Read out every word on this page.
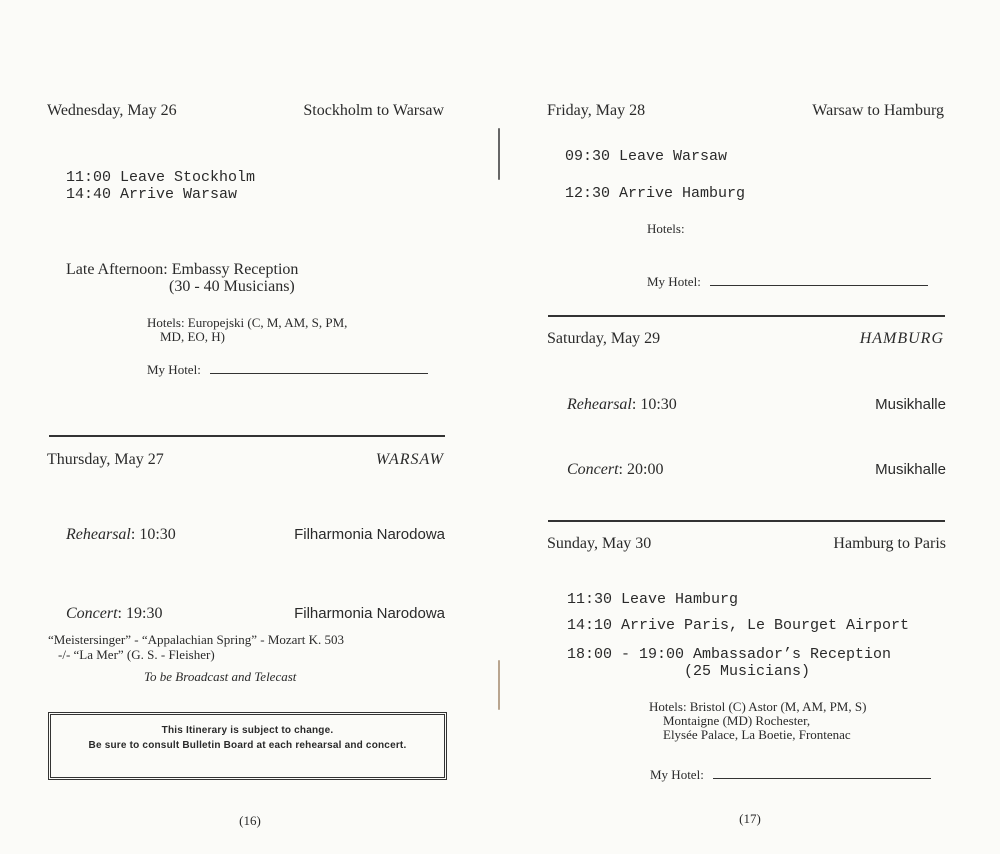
Wednesday, May 26	Stockholm to Warsaw
11:00 Leave Stockholm
14:40 Arrive Warsaw
Late Afternoon: Embassy Reception
(30 - 40 Musicians)
Hotels: Europejski (C, M, AM, S, PM,
MD, EO, H)
My Hotel:
Thursday, May 27	WARSAW
Rehearsal: 10:30	Filharmonia Narodowa
Concert: 19:30	Filharmonia Narodowa
“Meistersinger” - “Appalachian Spring” - Mozart K. 503
-/- “La Mer” (G. S. - Fleisher)
To be Broadcast and Telecast
This Itinerary is subject to change.
Be sure to consult Bulletin Board at each rehearsal and concert.
(16)
Friday, May 28	Warsaw to Hamburg
09:30 Leave Warsaw
12:30 Arrive Hamburg
Hotels:
My Hotel:
Saturday, May 29	HAMBURG
Rehearsal: 10:30	Musikhalle
Concert: 20:00	Musikhalle
Sunday, May 30	Hamburg to Paris
11:30 Leave Hamburg
14:10 Arrive Paris, Le Bourget Airport
18:00 - 19:00 Ambassador’s Reception
(25 Musicians)
Hotels: Bristol (C) Astor (M, AM, PM, S)
Montaigne (MD) Rochester,
Elysée Palace, La Boetie, Frontenac
My Hotel:
(17)
